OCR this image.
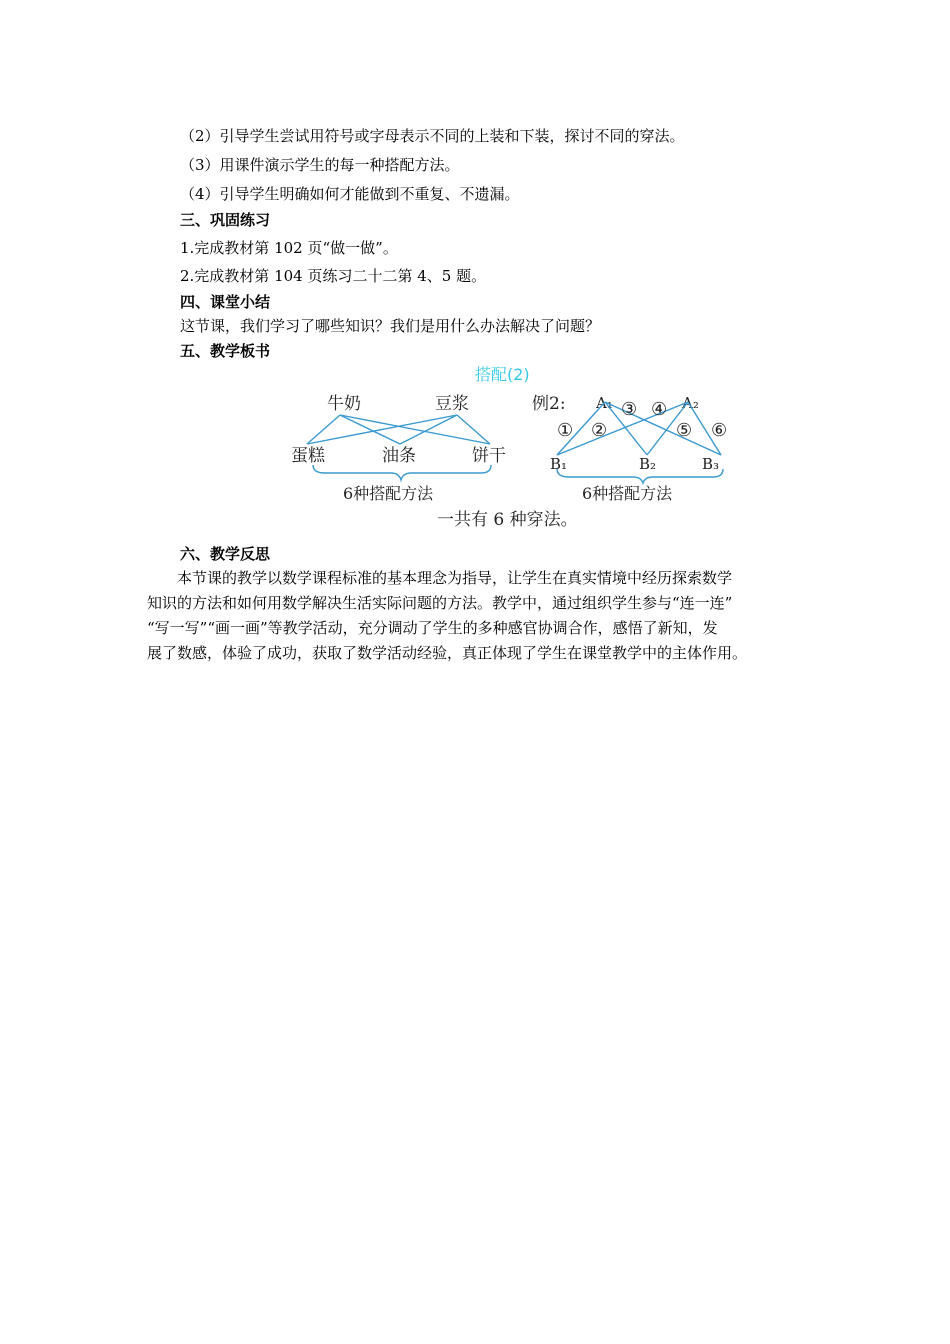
（2）引导学生尝试用符号或字母表示不同的上装和下装，探讨不同的穿法。
（3）用课件演示学生的每一种搭配方法。
（4）引导学生明确如何才能做到不重复、不遗漏。
三、巩固练习
1.完成教材第 102 页“做一做”。
2.完成教材第 104 页练习二十二第 4、5 题。
四、课堂小结
这节课，我们学习了哪些知识？我们是用什么办法解决了问题？
五、教学板书
搭配(2)
牛奶	豆浆
蛋糕	油条	饼干
6种搭配方法
例2: A₁	A₂
① ②
③ ④
⑤ ⑥
B₁	B₂	B₃
6种搭配方法
一共有 6 种穿法。
六、教学反思
本节课的教学以数学课程标准的基本理念为指导，让学生在真实情境中经历探索数学
知识的方法和如何用数学解决生活实际问题的方法。教学中，通过组织学生参与“连一连”
“写一写”“画一画”等教学活动，充分调动了学生的多种感官协调合作，感悟了新知，发
展了数感，体验了成功，获取了数学活动经验，真正体现了学生在课堂教学中的主体作用。
